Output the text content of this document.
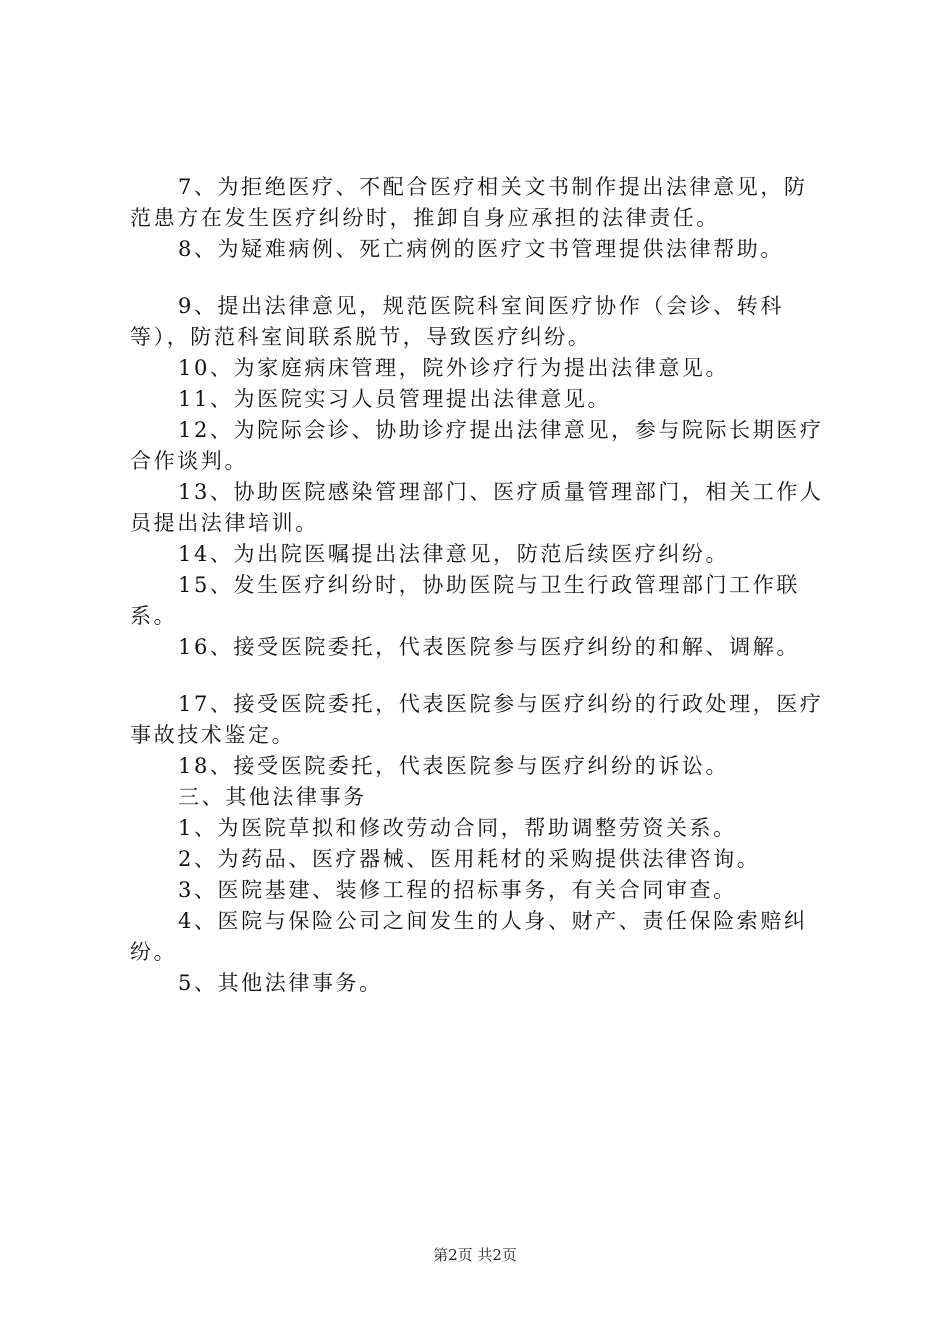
7、为拒绝医疗、不配合医疗相关文书制作提出法律意见，防范患方在发生医疗纠纷时，推卸自身应承担的法律责任。

8、为疑难病例、死亡病例的医疗文书管理提供法律帮助。

9、提出法律意见，规范医院科室间医疗协作（会诊、转科等），防范科室间联系脱节，导致医疗纠纷。

10、为家庭病床管理，院外诊疗行为提出法律意见。

11、为医院实习人员管理提出法律意见。

12、为院际会诊、协助诊疗提出法律意见，参与院际长期医疗合作谈判。

13、协助医院感染管理部门、医疗质量管理部门，相关工作人员提出法律培训。

14、为出院医嘱提出法律意见，防范后续医疗纠纷。

15、发生医疗纠纷时，协助医院与卫生行政管理部门工作联系。

16、接受医院委托，代表医院参与医疗纠纷的和解、调解。

17、接受医院委托，代表医院参与医疗纠纷的行政处理，医疗事故技术鉴定。

18、接受医院委托，代表医院参与医疗纠纷的诉讼。

三、其他法律事务

1、为医院草拟和修改劳动合同，帮助调整劳资关系。

2、为药品、医疗器械、医用耗材的采购提供法律咨询。

3、医院基建、装修工程的招标事务，有关合同审查。

4、医院与保险公司之间发生的人身、财产、责任保险索赔纠纷。

5、其他法律事务。

第2页 共2页
